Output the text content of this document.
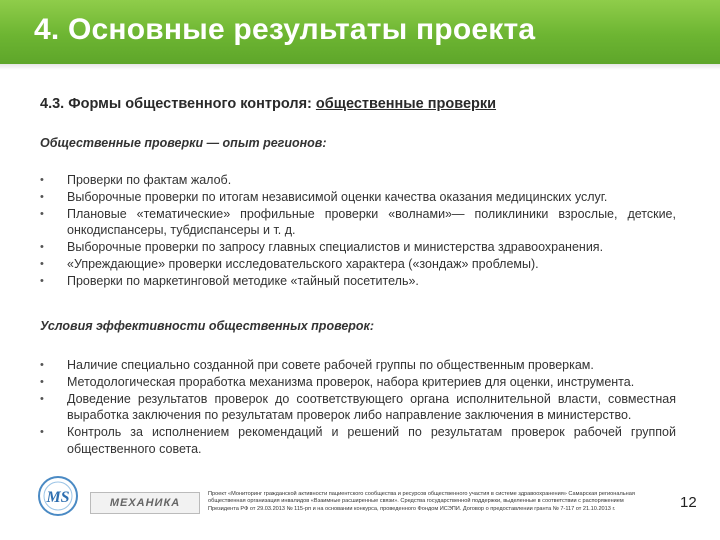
4. Основные результаты проекта
4.3. Формы общественного контроля: общественные проверки
Общественные проверки — опыт регионов:
• Проверки по фактам жалоб.
• Выборочные проверки по итогам независимой оценки качества оказания медицинских услуг.
• Плановые «тематические» профильные проверки «волнами»— поликлиники взрослые, детские, онкодиспансеры, тубдиспансеры и т. д.
• Выборочные проверки по запросу главных специалистов и министерства здравоохранения.
• «Упреждающие» проверки исследовательского характера («зондаж» проблемы).
• Проверки по маркетинговой методике «тайный посетитель».
Условия эффективности общественных проверок:
• Наличие специально созданной при совете рабочей группы по общественным проверкам.
• Методологическая проработка механизма проверок, набора критериев для оценки, инструмента.
• Доведение результатов проверок до соответствующего органа исполнительной власти, совместная выработка заключения по результатам проверок либо направление заключения в министерство.
• Контроль за исполнением рекомендаций и решений по результатам проверок рабочей группой общественного совета.
MS	МЕХАНИКА
Проект «Мониторинг гражданской активности пациентского сообщества и ресурсов общественного участия в системе здравоохранения» Самарская региональная общественная организация инвалидов «Взаимные расширенные связи». Средства государственной поддержки, выделенные в соответствии с распоряжением Президента РФ от 29.03.2013 № 115-рп и на основании конкурса, проведенного Фондом ИСЭПИ. Договор о предоставлении гранта № 7-117 от 21.10.2013 г.	12
